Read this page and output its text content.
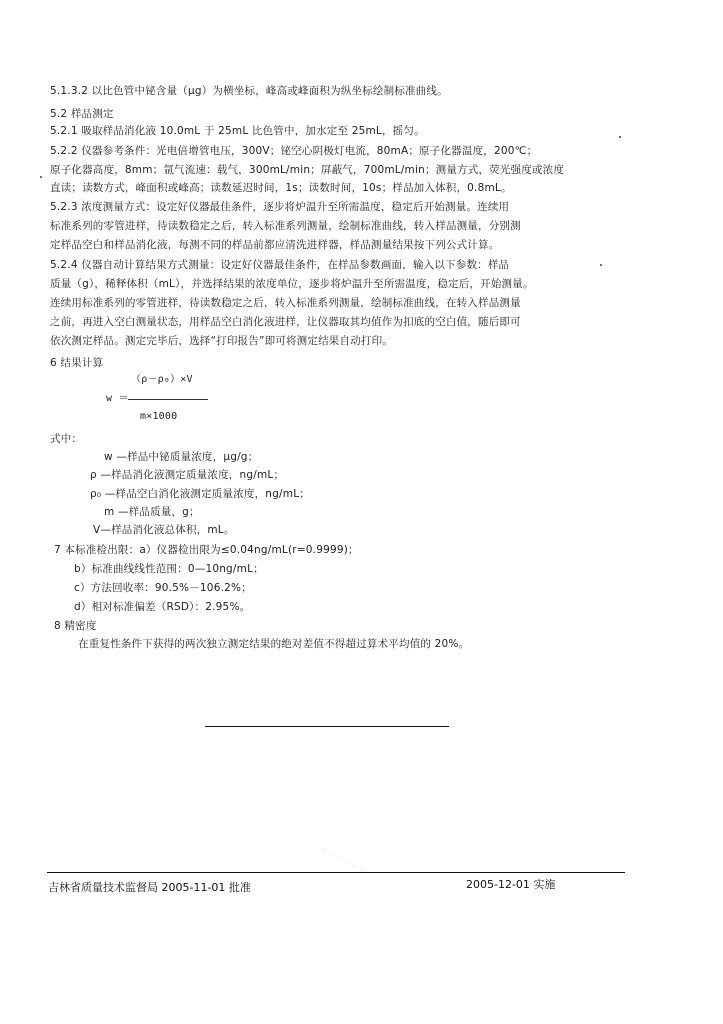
5.1.3.2 以比色管中铋含量（μg）为横坐标，峰高或峰面积为纵坐标绘制标准曲线。
5.2 样品测定
5.2.1 吸取样品消化液 10.0mL 于 25mL 比色管中，加水定至 25mL，摇匀。
5.2.2 仪器参考条件：光电倍增管电压，300V；铋空心阴极灯电流，80mA；原子化器温度，200℃；
原子化器高度，8mm；氩气流速：载气，300mL/min；屏蔽气，700mL/min；测量方式，荧光强度或浓度
直读；读数方式，峰面积或峰高；读数延迟时间，1s；读数时间，10s；样品加入体积，0.8mL。
5.2.3 浓度测量方式：设定好仪器最佳条件，逐步将炉温升至所需温度，稳定后开始测量。连续用
标准系列的零管进样，待读数稳定之后，转入标准系列测量，绘制标准曲线，转入样品测量，分别测
定样品空白和样品消化液，每测不同的样品前都应清洗进样器，样品测量结果按下列公式计算。
5.2.4 仪器自动计算结果方式测量：设定好仪器最佳条件，在样品参数画面，输入以下参数：样品
质量（g），稀释体积（mL），并选择结果的浓度单位，逐步将炉温升至所需温度，稳定后，开始测量。
连续用标准系列的零管进样，待读数稳定之后，转入标准系列测量，绘制标准曲线，在转入样品测量
之前，再进入空白测量状态，用样品空白消化液进样，让仪器取其均值作为扣底的空白值，随后即可
依次测定样品。测定完毕后，选择“打印报告”即可将测定结果自动打印。
6 结果计算
（ρ－ρ₀）×V
w ＝
m×1000
式中：
w —样品中铋质量浓度，μg/g；
ρ —样品消化液测定质量浓度，ng/mL；
ρ₀ —样品空白消化液测定质量浓度，ng/mL；
m —样品质量，g；
V—样品消化液总体积，mL。
7 本标准检出限：a）仪器检出限为≤0.04ng/mL(r=0.9999)；
b）标准曲线线性范围：0—10ng/mL；
c）方法回收率：90.5%－106.2%；
d）相对标准偏差（RSD）：2.95%。
8 精密度
在重复性条件下获得的两次独立测定结果的绝对差值不得超过算术平均值的 20%。
··· ··· ··· ··· ··· ···
吉林省质量技术监督局 2005-11-01 批准	2005-12-01 实施
